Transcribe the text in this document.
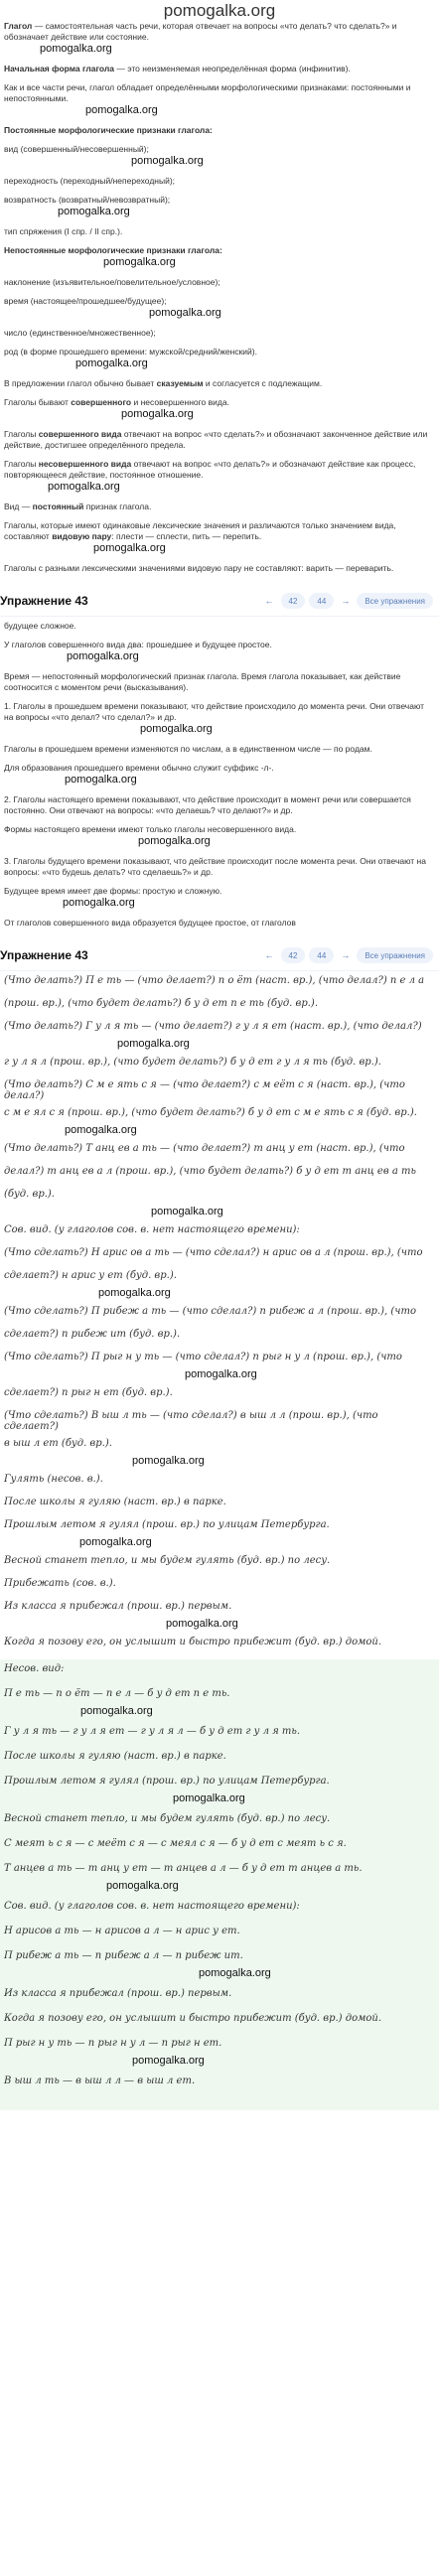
pomogalka.org
Глагол — самостоятельная часть речи, которая отвечает на вопросы «что делать? что сделать?» и обозначает действие или состояние.
pomogalka.org
Начальная форма глагола — это неизменяемая неопределённая форма (инфинитив).
Как и все части речи, глагол обладает определёнными морфологическими признаками: постоянными и непостоянными.
pomogalka.org
Постоянные морфологические признаки глагола:
вид (совершенный/несовершенный);
pomogalka.org
переходность (переходный/непереходный);
возвратность (возвратный/невозвратный);
pomogalka.org
тип спряжения (I спр. / II спр.).
Непостоянные морфологические признаки глагола:
pomogalka.org
наклонение (изъявительное/повелительное/условное);
время (настоящее/прошедшее/будущее);
pomogalka.org
число (единственное/множественное);
род (в форме прошедшего времени: мужской/средний/женский).
pomogalka.org
В предложении глагол обычно бывает сказуемым и согласуется с подлежащим.
Глаголы бывают совершенного и несовершенного вида.
pomogalka.org
Глаголы совершенного вида отвечают на вопрос «что сделать?» и обозначают законченное действие или действие, достигшее определённого предела.
Глаголы несовершенного вида отвечают на вопрос «что делать?» и обозначают действие как процесс, повторяющееся действие, постоянное отношение.
pomogalka.org
Вид — постоянный признак глагола.
Глаголы, которые имеют одинаковые лексические значения и различаются только значением вида, составляют видовую пару: плести — сплести, пить — перепить.
pomogalka.org
Глаголы с разными лексическими значениями видовую пару не составляют: варить — переварить.
Упражнение 43	←	42	44	→	Все упражнения
будущее сложное.
У глаголов совершенного вида два: прошедшее и будущее простое.
pomogalka.org
Время — непостоянный морфологический признак глагола. Время глагола показывает, как действие соотносится с моментом речи (высказывания).
1. Глаголы в прошедшем времени показывают, что действие происходило до момента речи. Они отвечают на вопросы «что делал? что сделал?» и др.
pomogalka.org
Глаголы в прошедшем времени изменяются по числам, а в единственном числе — по родам.
Для образования прошедшего времени обычно служит суффикс -л-.
pomogalka.org
2. Глаголы настоящего времени показывают, что действие происходит в момент речи или совершается постоянно. Они отвечают на вопросы: «что делаешь? что делают?» и др.
Формы настоящего времени имеют только глаголы несовершенного вида.
pomogalka.org
3. Глаголы будущего времени показывают, что действие происходит после момента речи. Они отвечают на вопросы: «что будешь делать? что сделаешь?» и др.
Будущее время имеет две формы: простую и сложную.
pomogalka.org
От глаголов совершенного вида образуется будущее простое, от глаголов
Упражнение 43	←	42	44	→	Все упражнения
(Что делать?) П е ть — (что делает?) п о ёт (наст. вр.), (что делал?) п е л а
(прош. вр.), (что будет делать?) б у д ет п е ть (буд. вр.).
(Что делать?) Г у л я ть — (что делает?) г у л я ет (наст. вр.), (что делал?)
pomogalka.org
г у л я л (прош. вр.), (что будет делать?) б у д ет г у л я ть (буд. вр.).
(Что делать?) С м е ять с я — (что делает?) с м еёт с я (наст. вр.), (что делал?)
с м е ял с я (прош. вр.), (что будет делать?) б у д ет с м е ять с я (буд. вр.).
pomogalka.org
(Что делать?) Т анц ев а ть — (что делает?) т анц у ет (наст. вр.), (что
делал?) т анц ев а л (прош. вр.), (что будет делать?) б у д ет т анц ев а ть
(буд. вр.).
pomogalka.org
Сов. вид. (у глаголов сов. в. нет настоящего времени):
(Что сделать?) Н арис ов а ть — (что сделал?) н арис ов а л (прош. вр.), (что
сделает?) н арис у ет (буд. вр.).
pomogalka.org
(Что сделать?) П рибеж а ть — (что сделал?) п рибеж а л (прош. вр.), (что
сделает?) п рибеж ит (буд. вр.).
(Что сделать?) П рыг н у ть — (что сделал?) п рыг н у л (прош. вр.), (что
pomogalka.org
сделает?) п рыг н ет (буд. вр.).
(Что сделать?) В ыш л ть — (что сделал?) в ыш л л (прош. вр.), (что сделает?)
в ыш л ет (буд. вр.).
pomogalka.org
Гулять (несов. в.).
После школы я гуляю (наст. вр.) в парке.
Прошлым летом я гулял (прош. вр.) по улицам Петербурга.
pomogalka.org
Весной станет тепло, и мы будем гулять (буд. вр.) по лесу.
Прибежать (сов. в.).
Из класса я прибежал (прош. вр.) первым.
pomogalka.org
Когда я позову его, он услышит и быстро прибежит (буд. вр.) домой.
Несов. вид:
П е ть — п о ёт — п е л — б у д ет п е ть.
pomogalka.org
Г у л я ть — г у л я ет — г у л я л — б у д ет г у л я ть.
После школы я гуляю (наст. вр.) в парке.
Прошлым летом я гулял (прош. вр.) по улицам Петербурга.
pomogalka.org
Весной станет тепло, и мы будем гулять (буд. вр.) по лесу.
С меят ь с я — с меёт с я — с меял с я — б у д ет с меят ь с я.
Т анцев а ть — т анц у ет — т анцев а л — б у д ет т анцев а ть.
pomogalka.org
Сов. вид. (у глаголов сов. в. нет настоящего времени):
Н арисов а ть — н арисов а л — н арис у ет.
П рибеж а ть — п рибеж а л — п рибеж ит.
pomogalka.org
Из класса я прибежал (прош. вр.) первым.
Когда я позову его, он услышит и быстро прибежит (буд. вр.) домой.
П рыг н у ть — п рыг н у л — п рыг н ет.
pomogalka.org
В ыш л ть — в ыш л л — в ыш л ет.
